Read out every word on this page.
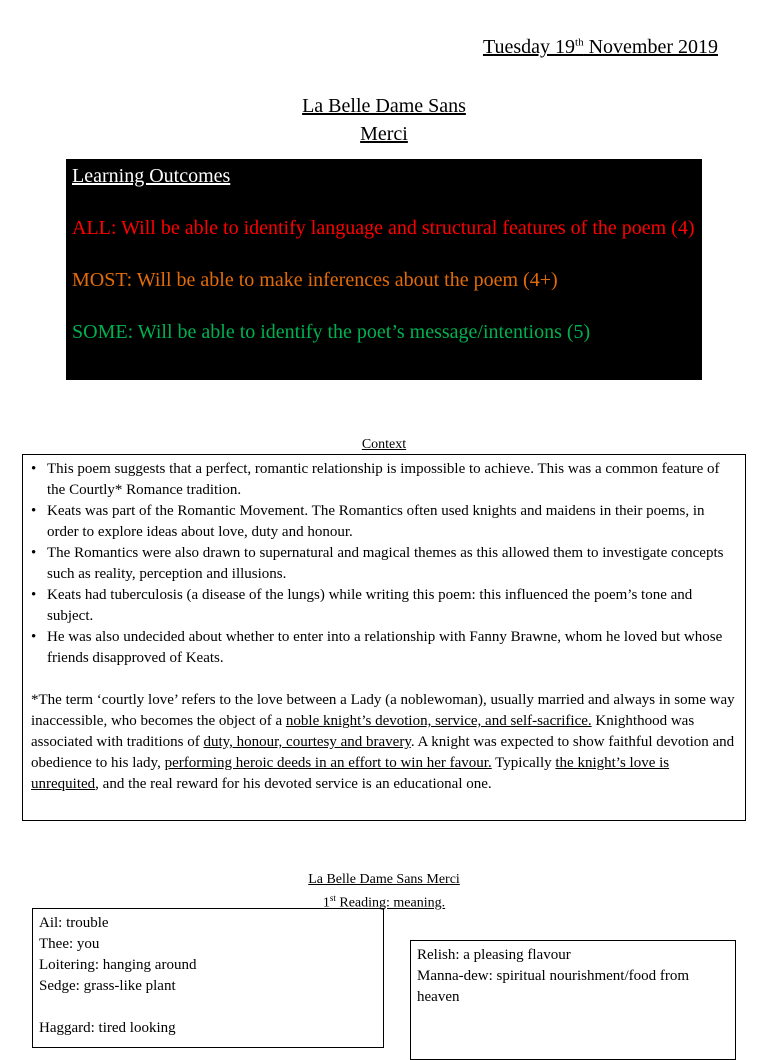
Tuesday 19th November 2019
La Belle Dame Sans
Merci
Learning Outcomes
ALL: Will be able to identify language and structural features of the poem (4)
MOST: Will be able to make inferences about the poem (4+)
SOME: Will be able to identify the poet’s message/intentions (5)
Context
• This poem suggests that a perfect, romantic relationship is impossible to achieve. This was a common feature of the Courtly* Romance tradition.
• Keats was part of the Romantic Movement. The Romantics often used knights and maidens in their poems, in order to explore ideas about love, duty and honour.
• The Romantics were also drawn to supernatural and magical themes as this allowed them to investigate concepts such as reality, perception and illusions.
• Keats had tuberculosis (a disease of the lungs) while writing this poem: this influenced the poem’s tone and subject.
• He was also undecided about whether to enter into a relationship with Fanny Brawne, whom he loved but whose friends disapproved of Keats.
*The term ‘courtly love’ refers to the love between a Lady (a noblewoman), usually married and always in some way inaccessible, who becomes the object of a noble knight’s devotion, service, and self-sacrifice. Knighthood was associated with traditions of duty, honour, courtesy and bravery. A knight was expected to show faithful devotion and obedience to his lady, performing heroic deeds in an effort to win her favour. Typically the knight’s love is unrequited, and the real reward for his devoted service is an educational one.
La Belle Dame Sans Merci
1st Reading: meaning.
Ail: trouble
Thee: you
Loitering: hanging around
Sedge: grass-like plant

Haggard: tired looking
Relish: a pleasing flavour
Manna-dew: spiritual nourishment/food from heaven
